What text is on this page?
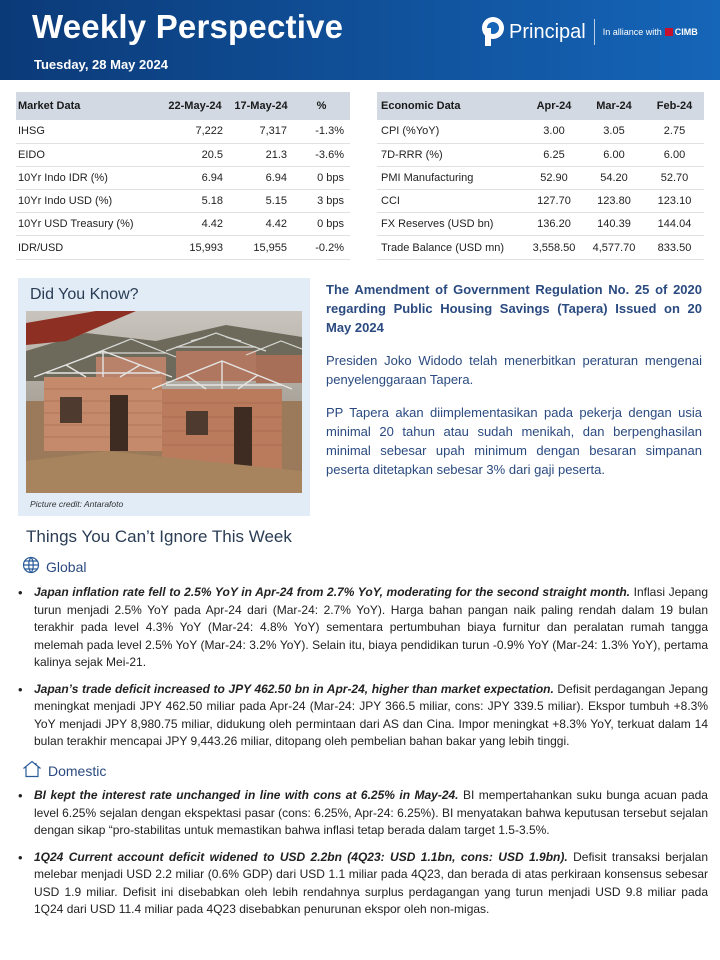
Weekly Perspective
Tuesday, 28 May 2024
Principal In alliance with CIMB
Market Data	22-May-24	17-May-24	%
IHSG	7,222	7,317	-1.3%
EIDO	20.5	21.3	-3.6%
10Yr Indo IDR (%)	6.94	6.94	0 bps
10Yr Indo USD (%)	5.18	5.15	3 bps
10Yr USD Treasury (%)	4.42	4.42	0 bps
IDR/USD	15,993	15,955	-0.2%
Economic Data	Apr-24	Mar-24	Feb-24
CPI (%YoY)	3.00	3.05	2.75
7D-RRR (%)	6.25	6.00	6.00
PMI Manufacturing	52.90	54.20	52.70
CCI	127.70	123.80	123.10
FX Reserves (USD bn)	136.20	140.39	144.04
Trade Balance (USD mn)	3,558.50	4,577.70	833.50
Did You Know?
Picture credit: Antarafoto
The Amendment of Government Regulation No. 25 of 2020 regarding Public Housing Savings (Tapera) Issued on 20 May 2024

Presiden Joko Widodo telah menerbitkan peraturan mengenai penyelenggaraan Tapera.

PP Tapera akan diimplementasikan pada pekerja dengan usia minimal 20 tahun atau sudah menikah, dan berpenghasilan minimal sebesar upah minimum dengan besaran simpanan peserta ditetapkan sebesar 3% dari gaji peserta.

Things You Can’t Ignore This Week
Global
• Japan inflation rate fell to 2.5% YoY in Apr-24 from 2.7% YoY, moderating for the second straight month. Inflasi Jepang turun menjadi 2.5% YoY pada Apr-24 dari (Mar-24: 2.7% YoY). Harga bahan pangan naik paling rendah dalam 19 bulan terakhir pada level 4.3% YoY (Mar-24: 4.8% YoY) sementara pertumbuhan biaya furnitur dan peralatan rumah tangga melemah pada level 2.5% YoY (Mar-24: 3.2% YoY). Selain itu, biaya pendidikan turun -0.9% YoY (Mar-24: 1.3% YoY), pertama kalinya sejak Mei-21.
• Japan’s trade deficit increased to JPY 462.50 bn in Apr-24, higher than market expectation. Defisit perdagangan Jepang meningkat menjadi JPY 462.50 miliar pada Apr-24 (Mar-24: JPY 366.5 miliar, cons: JPY 339.5 miliar). Ekspor tumbuh +8.3% YoY menjadi JPY 8,980.75 miliar, didukung oleh permintaan dari AS dan Cina. Impor meningkat +8.3% YoY, terkuat dalam 14 bulan terakhir mencapai JPY 9,443.26 miliar, ditopang oleh pembelian bahan bakar yang lebih tinggi.
Domestic
• BI kept the interest rate unchanged in line with cons at 6.25% in May-24. BI mempertahankan suku bunga acuan pada level 6.25% sejalan dengan ekspektasi pasar (cons: 6.25%, Apr-24: 6.25%). BI menyatakan bahwa keputusan tersebut sejalan dengan sikap “pro-stabilitas untuk memastikan bahwa inflasi tetap berada dalam target 1.5-3.5%.
• 1Q24 Current account deficit widened to USD 2.2bn (4Q23: USD 1.1bn, cons: USD 1.9bn). Defisit transaksi berjalan melebar menjadi USD 2.2 miliar (0.6% GDP) dari USD 1.1 miliar pada 4Q23, dan berada di atas perkiraan konsensus sebesar USD 1.9 miliar. Defisit ini disebabkan oleh lebih rendahnya surplus perdagangan yang turun menjadi USD 9.8 miliar pada 1Q24 dari USD 11.4 miliar pada 4Q23 disebabkan penurunan ekspor oleh non-migas.
